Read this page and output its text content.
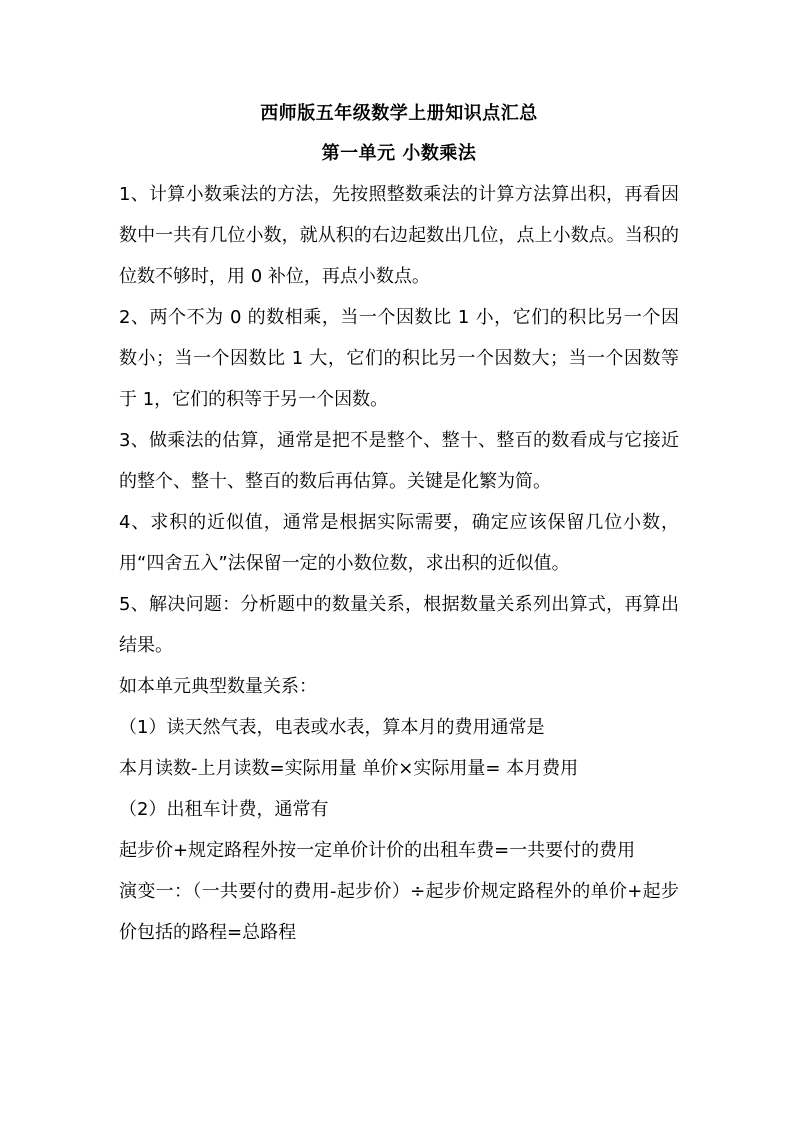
西师版五年级数学上册知识点汇总

第一单元 小数乘法

1、计算小数乘法的方法，先按照整数乘法的计算方法算出积，再看因数中一共有几位小数，就从积的右边起数出几位，点上小数点。当积的位数不够时，用 0 补位，再点小数点。

2、两个不为 0 的数相乘，当一个因数比 1 小，它们的积比另一个因数小；当一个因数比 1 大，它们的积比另一个因数大；当一个因数等于 1，它们的积等于另一个因数。

3、做乘法的估算，通常是把不是整个、整十、整百的数看成与它接近的整个、整十、整百的数后再估算。关键是化繁为简。

4、求积的近似值，通常是根据实际需要，确定应该保留几位小数，用“四舍五入”法保留一定的小数位数，求出积的近似值。

5、解决问题：分析题中的数量关系，根据数量关系列出算式，再算出结果。

如本单元典型数量关系：

（1）读天然气表，电表或水表，算本月的费用通常是

本月读数-上月读数=实际用量 单价×实际用量= 本月费用

（2）出租车计费，通常有

起步价+规定路程外按一定单价计价的出租车费=一共要付的费用

演变一：（一共要付的费用-起步价）÷起步价规定路程外的单价+起步价包括的路程=总路程
